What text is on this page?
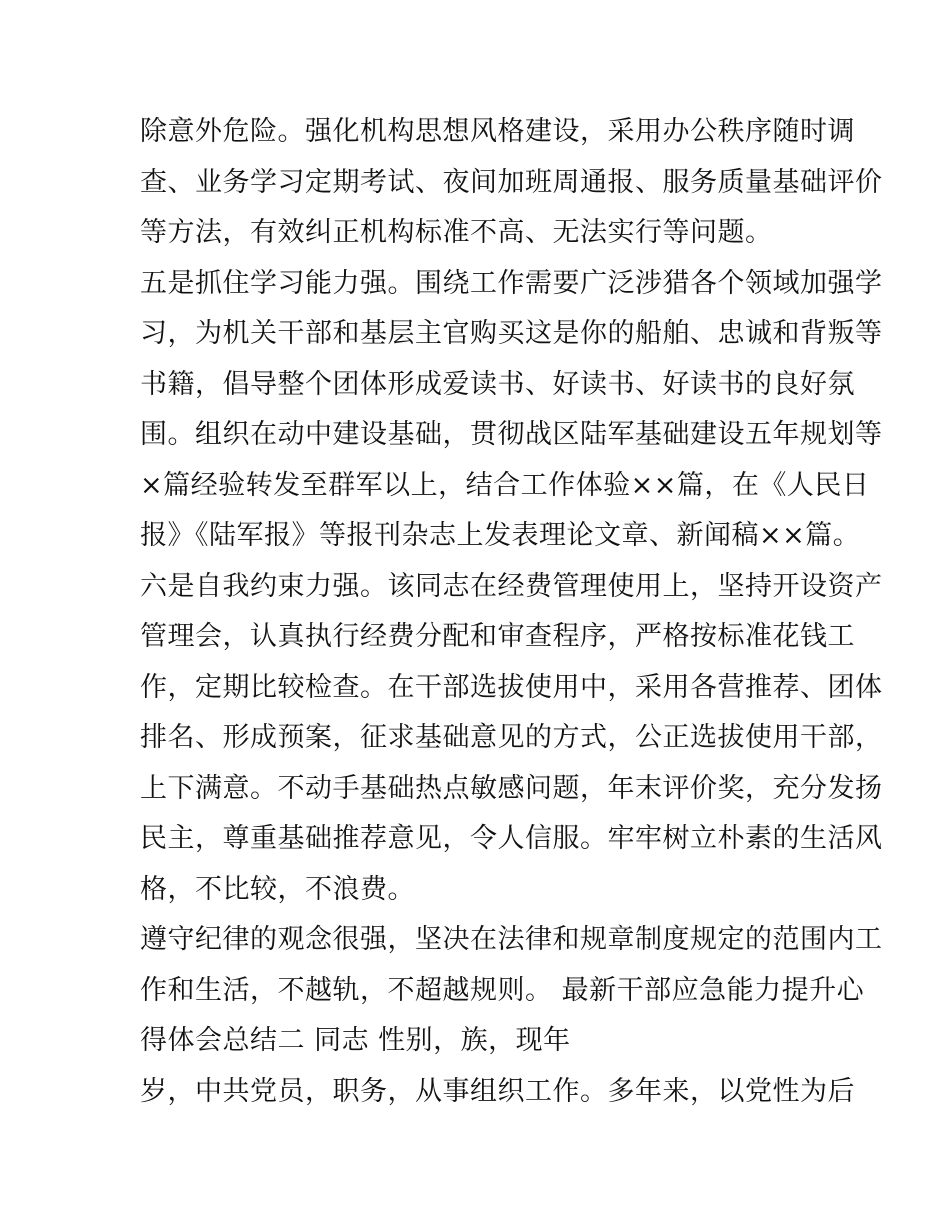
除意外危险。强化机构思想风格建设，采用办公秩序随时调
查、业务学习定期考试、夜间加班周通报、服务质量基础评价
等方法，有效纠正机构标准不高、无法实行等问题。
五是抓住学习能力强。围绕工作需要广泛涉猎各个领域加强学
习，为机关干部和基层主官购买这是你的船舶、忠诚和背叛等
书籍，倡导整个团体形成爱读书、好读书、好读书的良好氛
围。组织在动中建设基础，贯彻战区陆军基础建设五年规划等
×篇经验转发至群军以上，结合工作体验××篇，在《人民日
报》《陆军报》等报刊杂志上发表理论文章、新闻稿××篇。
六是自我约束力强。该同志在经费管理使用上，坚持开设资产
管理会，认真执行经费分配和审查程序，严格按标准花钱工
作，定期比较检查。在干部选拔使用中，采用各营推荐、团体
排名、形成预案，征求基础意见的方式，公正选拔使用干部，
上下满意。不动手基础热点敏感问题，年末评价奖，充分发扬
民主，尊重基础推荐意见，令人信服。牢牢树立朴素的生活风
格，不比较，不浪费。
遵守纪律的观念很强，坚决在法律和规章制度规定的范围内工
作和生活，不越轨，不超越规则。 最新干部应急能力提升心
得体会总结二 同志 性别，族，现年
岁，中共党员，职务，从事组织工作。多年来，以党性为后
